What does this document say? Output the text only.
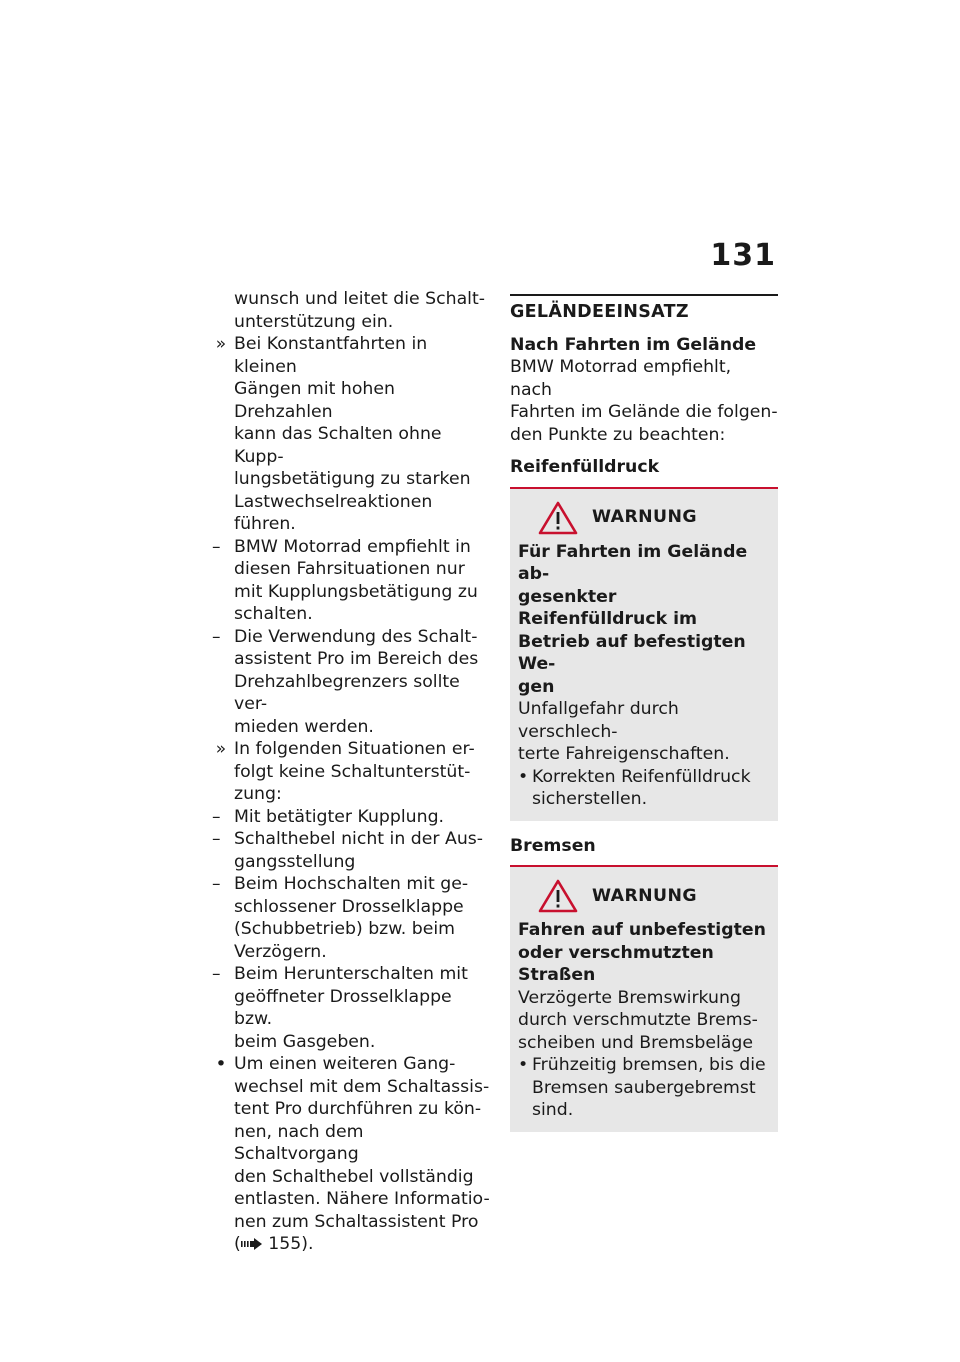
131
wunsch und leitet die Schalt-
unterstützung ein.
» Bei Konstantfahrten in kleinen
Gängen mit hohen Drehzahlen
kann das Schalten ohne Kupp-
lungsbetätigung zu starken
Lastwechselreaktionen führen.
– BMW Motorrad empfiehlt in
diesen Fahrsituationen nur
mit Kupplungsbetätigung zu
schalten.
– Die Verwendung des Schalt-
assistent Pro im Bereich des
Drehzahlbegrenzers sollte ver-
mieden werden.
» In folgenden Situationen er-
folgt keine Schaltunterstüt-
zung:
– Mit betätigter Kupplung.
– Schalthebel nicht in der Aus-
gangsstellung
– Beim Hochschalten mit ge-
schlossener Drosselklappe
(Schubbetrieb) bzw. beim
Verzögern.
– Beim Herunterschalten mit
geöffneter Drosselklappe bzw.
beim Gasgeben.
• Um einen weiteren Gang-
wechsel mit dem Schaltassis-
tent Pro durchführen zu kön-
nen, nach dem Schaltvorgang
den Schalthebel vollständig
entlasten. Nähere Informatio-
nen zum Schaltassistent Pro
( 155).
GELÄNDEEINSATZ
Nach Fahrten im Gelände
BMW Motorrad empfiehlt, nach
Fahrten im Gelände die folgen-
den Punkte zu beachten:
Reifenfülldruck
WARNUNG
Für Fahrten im Gelände ab-
gesenkter Reifenfülldruck im
Betrieb auf befestigten We-
gen
Unfallgefahr durch verschlech-
terte Fahreigenschaften.
• Korrekten Reifenfülldruck
sicherstellen.
Bremsen
WARNUNG
Fahren auf unbefestigten
oder verschmutzten Straßen
Verzögerte Bremswirkung
durch verschmutzte Brems-
scheiben und Bremsbeläge
• Frühzeitig bremsen, bis die
Bremsen saubergebremst
sind.
